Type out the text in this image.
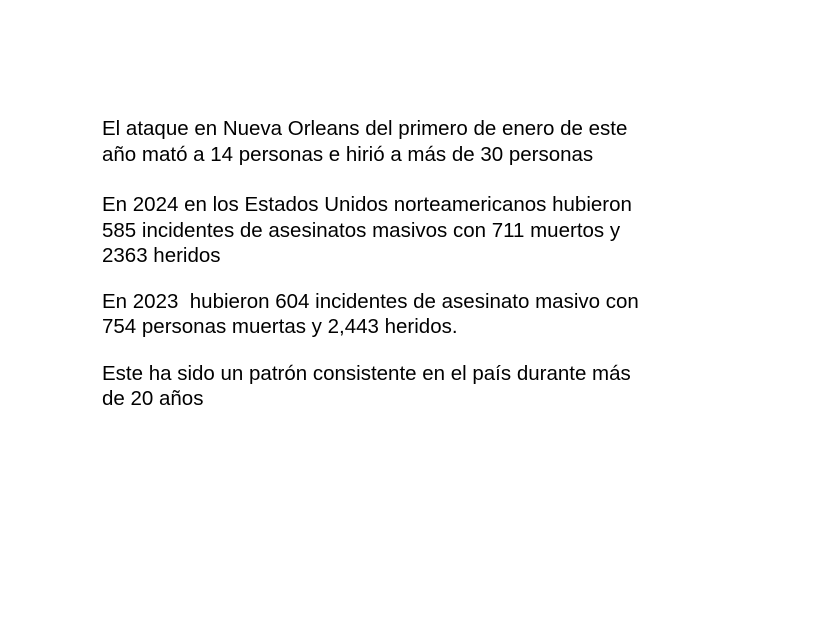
El ataque en Nueva Orleans del primero de enero de este
año mató a 14 personas e hirió a más de 30 personas

En 2024 en los Estados Unidos norteamericanos hubieron
585 incidentes de asesinatos masivos con 711 muertos y
2363 heridos

En 2023  hubieron 604 incidentes de asesinato masivo con
754 personas muertas y 2,443 heridos.

Este ha sido un patrón consistente en el país durante más
de 20 años
